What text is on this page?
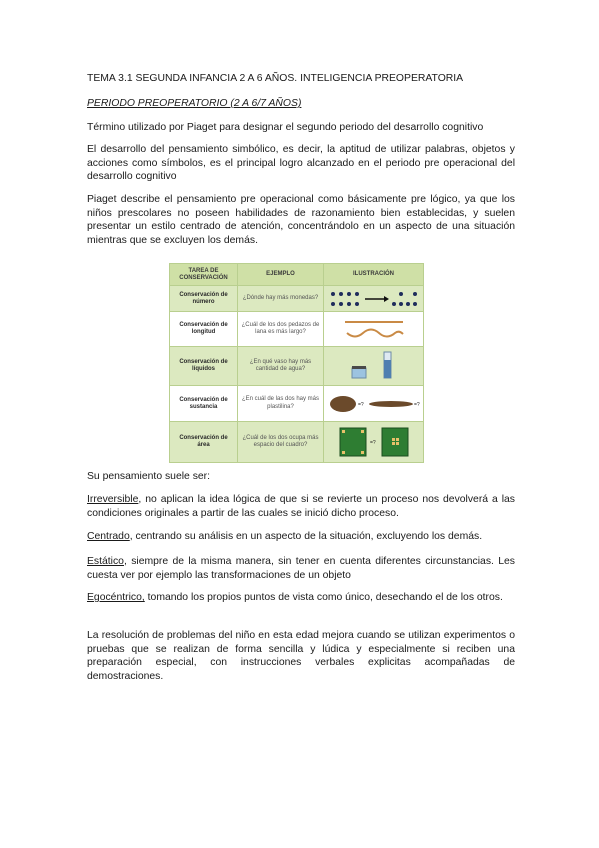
TEMA 3.1 SEGUNDA INFANCIA 2 A 6 AÑOS. INTELIGENCIA PREOPERATORIA

PERIODO PREOPERATORIO (2 A 6/7 AÑOS)

Término utilizado por Piaget para designar el segundo periodo del desarrollo cognitivo

El desarrollo del pensamiento simbólico, es decir, la aptitud de utilizar palabras, objetos y acciones como símbolos, es el principal logro alcanzado en el periodo pre operacional del desarrollo cognitivo

Piaget describe el pensamiento pre operacional como básicamente pre lógico, ya que los niños prescolares no poseen habilidades de razonamiento bien establecidas, y suelen presentar un estilo centrado de atención, concentrándolo en un aspecto de una situación mientras que se excluyen los demás.

TAREA DE CONSERVACIÓN	EJEMPLO	ILUSTRACIÓN
Conservación de número	¿Dónde hay más monedas?	

Conservación de longitud	¿Cuál de los dos pedazos de lana es más largo?	

Conservación de líquidos	¿En qué vaso hay más cantidad de agua?	

Conservación de sustancia	¿En cuál de las dos hay más plastilina?	=? =?

Conservación de área	¿Cuál de los dos ocupa más espacio del cuadro?	=?

Su pensamiento suele ser:

Irreversible, no aplican la idea lógica de que si se revierte un proceso nos devolverá a las condiciones originales a partir de las cuales se inició dicho proceso.

Centrado, centrando su análisis en un aspecto de la situación, excluyendo los demás.

Estático, siempre de la misma manera, sin tener en cuenta diferentes circunstancias. Les cuesta ver por ejemplo las transformaciones de un objeto

Egocéntrico, tomando los propios puntos de vista como único, desechando el de los otros.

La resolución de problemas del niño en esta edad mejora cuando se utilizan experimentos o pruebas que se realizan de forma sencilla y lúdica y especialmente si reciben una preparación especial, con instrucciones verbales explicitas acompañadas de demostraciones.
